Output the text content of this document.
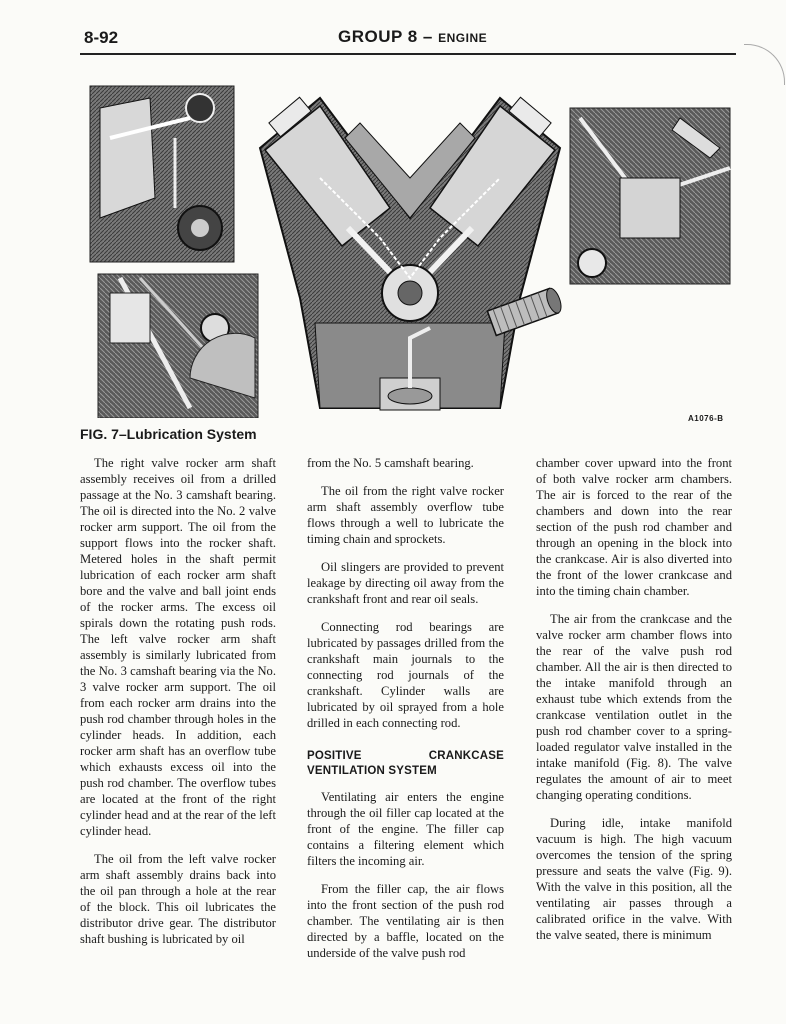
8-92	GROUP 8 – ENGINE
FIG. 7–Lubrication System
A1076-B

The right valve rocker arm shaft assembly receives oil from a drilled passage at the No. 3 camshaft bearing. The oil is directed into the No. 2 valve rocker arm support. The oil from the support flows into the rocker shaft. Metered holes in the shaft permit lubrication of each rocker arm shaft bore and the valve and ball joint ends of the rocker arms. The excess oil spirals down the rotating push rods. The left valve rocker arm shaft assembly is similarly lubricated from the No. 3 camshaft bearing via the No. 3 valve rocker arm support. The oil from each rocker arm drains into the push rod chamber through holes in the cylinder heads. In addition, each rocker arm shaft has an overflow tube which exhausts excess oil into the push rod chamber. The overflow tubes are located at the front of the right cylinder head and at the rear of the left cylinder head.

The oil from the left valve rocker arm shaft assembly drains back into the oil pan through a hole at the rear of the block. This oil lubricates the distributor drive gear. The distributor shaft bushing is lubricated by oil

from the No. 5 camshaft bearing.

The oil from the right valve rocker arm shaft assembly overflow tube flows through a well to lubricate the timing chain and sprockets.

Oil slingers are provided to prevent leakage by directing oil away from the crankshaft front and rear oil seals.

Connecting rod bearings are lubricated by passages drilled from the crankshaft main journals to the connecting rod journals of the crankshaft. Cylinder walls are lubricated by oil sprayed from a hole drilled in each connecting rod.

POSITIVE CRANKCASE VENTILATION SYSTEM

Ventilating air enters the engine through the oil filler cap located at the front of the engine. The filler cap contains a filtering element which filters the incoming air.

From the filler cap, the air flows into the front section of the push rod chamber. The ventilating air is then directed by a baffle, located on the underside of the valve push rod

chamber cover upward into the front of both valve rocker arm chambers. The air is forced to the rear of the chambers and down into the rear section of the push rod chamber and through an opening in the block into the crankcase. Air is also diverted into the front of the lower crankcase and into the timing chain chamber.

The air from the crankcase and the valve rocker arm chamber flows into the rear of the valve push rod chamber. All the air is then directed to the intake manifold through an exhaust tube which extends from the crankcase ventilation outlet in the push rod chamber cover to a spring-loaded regulator valve installed in the intake manifold (Fig. 8). The valve regulates the amount of air to meet changing operating conditions.

During idle, intake manifold vacuum is high. The high vacuum overcomes the tension of the spring pressure and seats the valve (Fig. 9). With the valve in this position, all the ventilating air passes through a calibrated orifice in the valve. With the valve seated, there is minimum
